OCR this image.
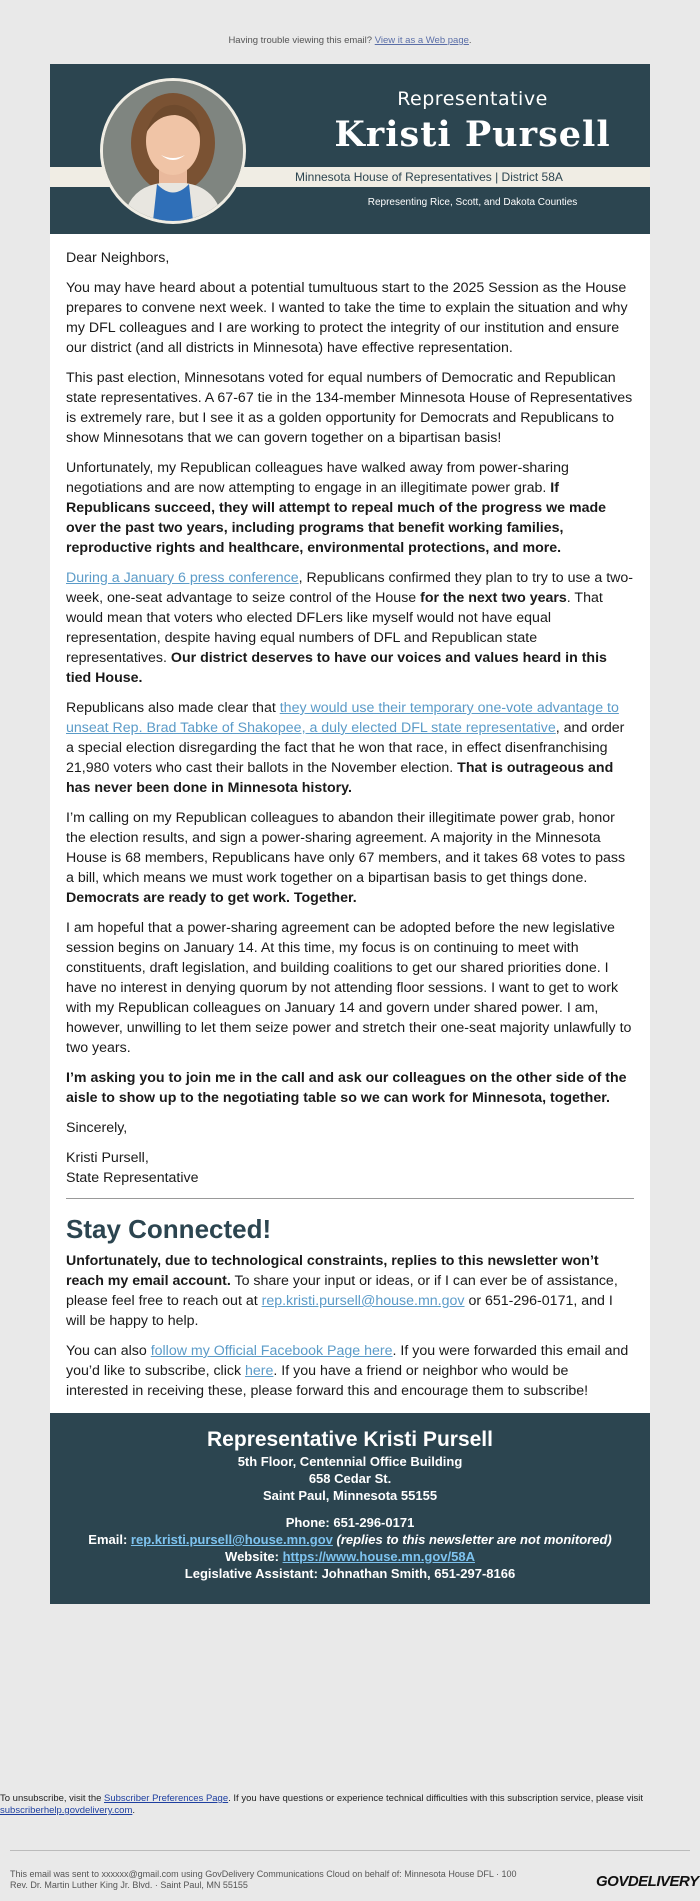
Having trouble viewing this email? View it as a Web page.
Representative
Kristi Pursell
Minnesota House of Representatives | District 58A
Representing Rice, Scott, and Dakota Counties

Dear Neighbors,

You may have heard about a potential tumultuous start to the 2025 Session as the House prepares to convene next week. I wanted to take the time to explain the situation and why my DFL colleagues and I are working to protect the integrity of our institution and ensure our district (and all districts in Minnesota) have effective representation.

This past election, Minnesotans voted for equal numbers of Democratic and Republican state representatives. A 67-67 tie in the 134-member Minnesota House of Representatives is extremely rare, but I see it as a golden opportunity for Democrats and Republicans to show Minnesotans that we can govern together on a bipartisan basis!

Unfortunately, my Republican colleagues have walked away from power-sharing negotiations and are now attempting to engage in an illegitimate power grab. If Republicans succeed, they will attempt to repeal much of the progress we made over the past two years, including programs that benefit working families, reproductive rights and healthcare, environmental protections, and more.

During a January 6 press conference, Republicans confirmed they plan to try to use a two-week, one-seat advantage to seize control of the House for the next two years. That would mean that voters who elected DFLers like myself would not have equal representation, despite having equal numbers of DFL and Republican state representatives. Our district deserves to have our voices and values heard in this tied House.

Republicans also made clear that they would use their temporary one-vote advantage to unseat Rep. Brad Tabke of Shakopee, a duly elected DFL state representative, and order a special election disregarding the fact that he won that race, in effect disenfranchising 21,980 voters who cast their ballots in the November election. That is outrageous and has never been done in Minnesota history.

I’m calling on my Republican colleagues to abandon their illegitimate power grab, honor the election results, and sign a power-sharing agreement. A majority in the Minnesota House is 68 members, Republicans have only 67 members, and it takes 68 votes to pass a bill, which means we must work together on a bipartisan basis to get things done. Democrats are ready to get work. Together.

I am hopeful that a power-sharing agreement can be adopted before the new legislative session begins on January 14. At this time, my focus is on continuing to meet with constituents, draft legislation, and building coalitions to get our shared priorities done. I have no interest in denying quorum by not attending floor sessions. I want to get to work with my Republican colleagues on January 14 and govern under shared power. I am, however, unwilling to let them seize power and stretch their one-seat majority unlawfully to two years.

I’m asking you to join me in the call and ask our colleagues on the other side of the aisle to show up to the negotiating table so we can work for Minnesota, together.

Sincerely,

Kristi Pursell,
State Representative

Stay Connected!

Unfortunately, due to technological constraints, replies to this newsletter won’t reach my email account. To share your input or ideas, or if I can ever be of assistance, please feel free to reach out at rep.kristi.pursell@house.mn.gov or 651-296-0171, and I will be happy to help.

You can also follow my Official Facebook Page here. If you were forwarded this email and you’d like to subscribe, click here. If you have a friend or neighbor who would be interested in receiving these, please forward this and encourage them to subscribe!

Representative Kristi Pursell
5th Floor, Centennial Office Building
658 Cedar St.
Saint Paul, Minnesota 55155
Phone: 651-296-0171
Email: rep.kristi.pursell@house.mn.gov (replies to this newsletter are not monitored)
Website: https://www.house.mn.gov/58A
Legislative Assistant: Johnathan Smith, 651-297-8166
To unsubscribe, visit the Subscriber Preferences Page. If you have questions or experience technical difficulties with this subscription service, please visit subscriberhelp.govdelivery.com.
This email was sent to xxxxxx@gmail.com using GovDelivery Communications Cloud on behalf of: Minnesota House DFL · 100
Rev. Dr. Martin Luther King Jr. Blvd. · Saint Paul, MN 55155	GOVDELIVERY
